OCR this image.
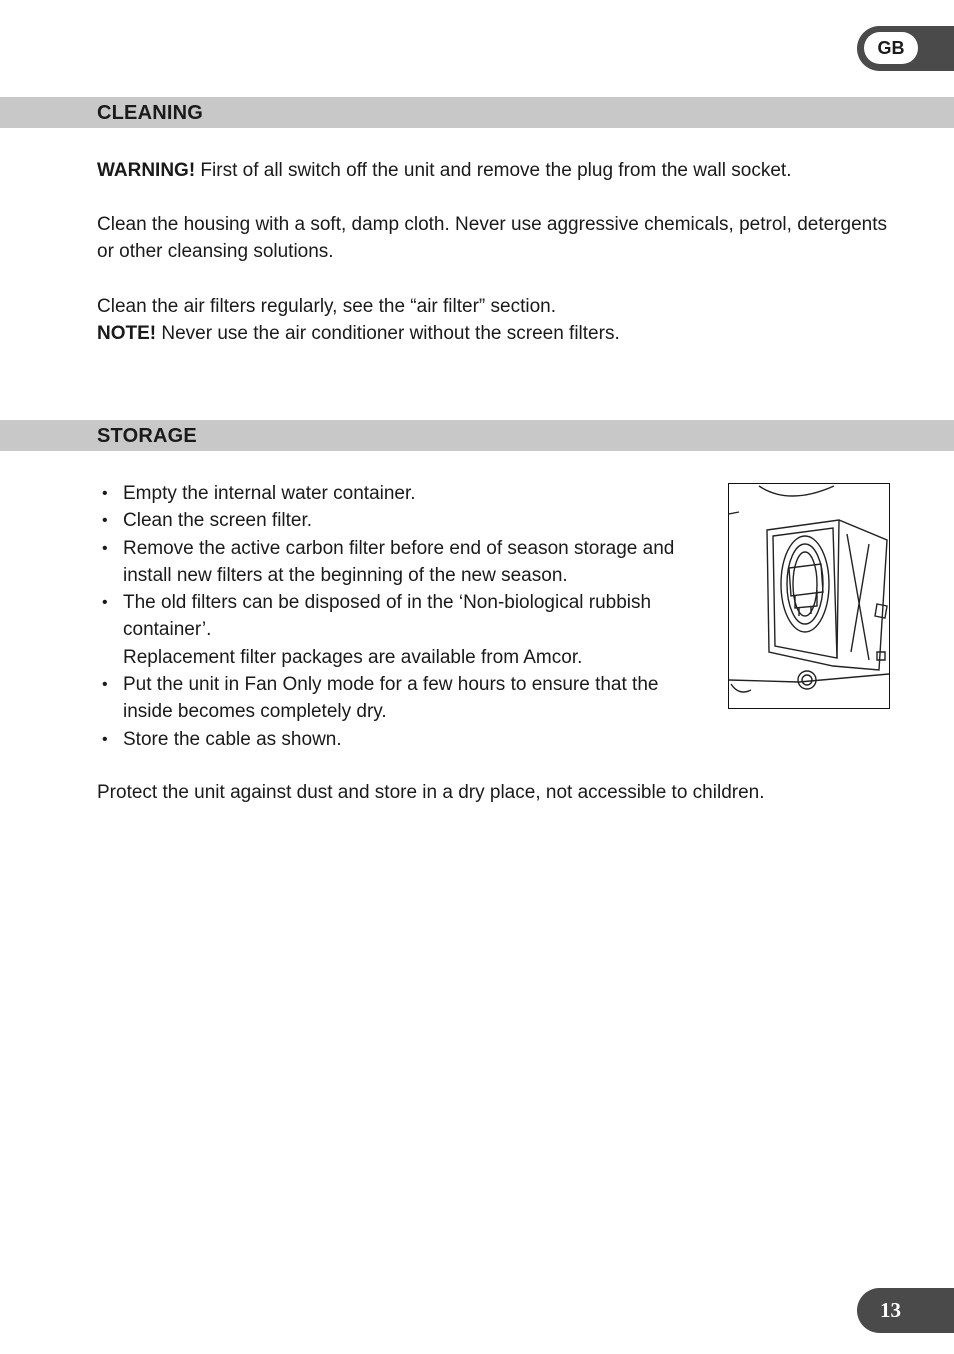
GB
CLEANING

WARNING! First of all switch off the unit and remove the plug from the wall socket.

Clean the housing with a soft, damp cloth. Never use aggressive chemicals, petrol, detergents or other cleansing solutions.

Clean the air filters regularly, see the “air filter” section.
NOTE! Never use the air conditioner without the screen filters.

STORAGE
• Empty the internal water container.
• Clean the screen filter.
• Remove the active carbon filter before end of season storage and install new filters at the beginning of the new season.
• The old filters can be disposed of in the ‘Non-biological rubbish container’.
Replacement filter packages are available from Amcor.
• Put the unit in Fan Only mode for a few hours to ensure that the inside becomes completely dry.
• Store the cable as shown.

Protect the unit against dust and store in a dry place, not accessible to children.

13
